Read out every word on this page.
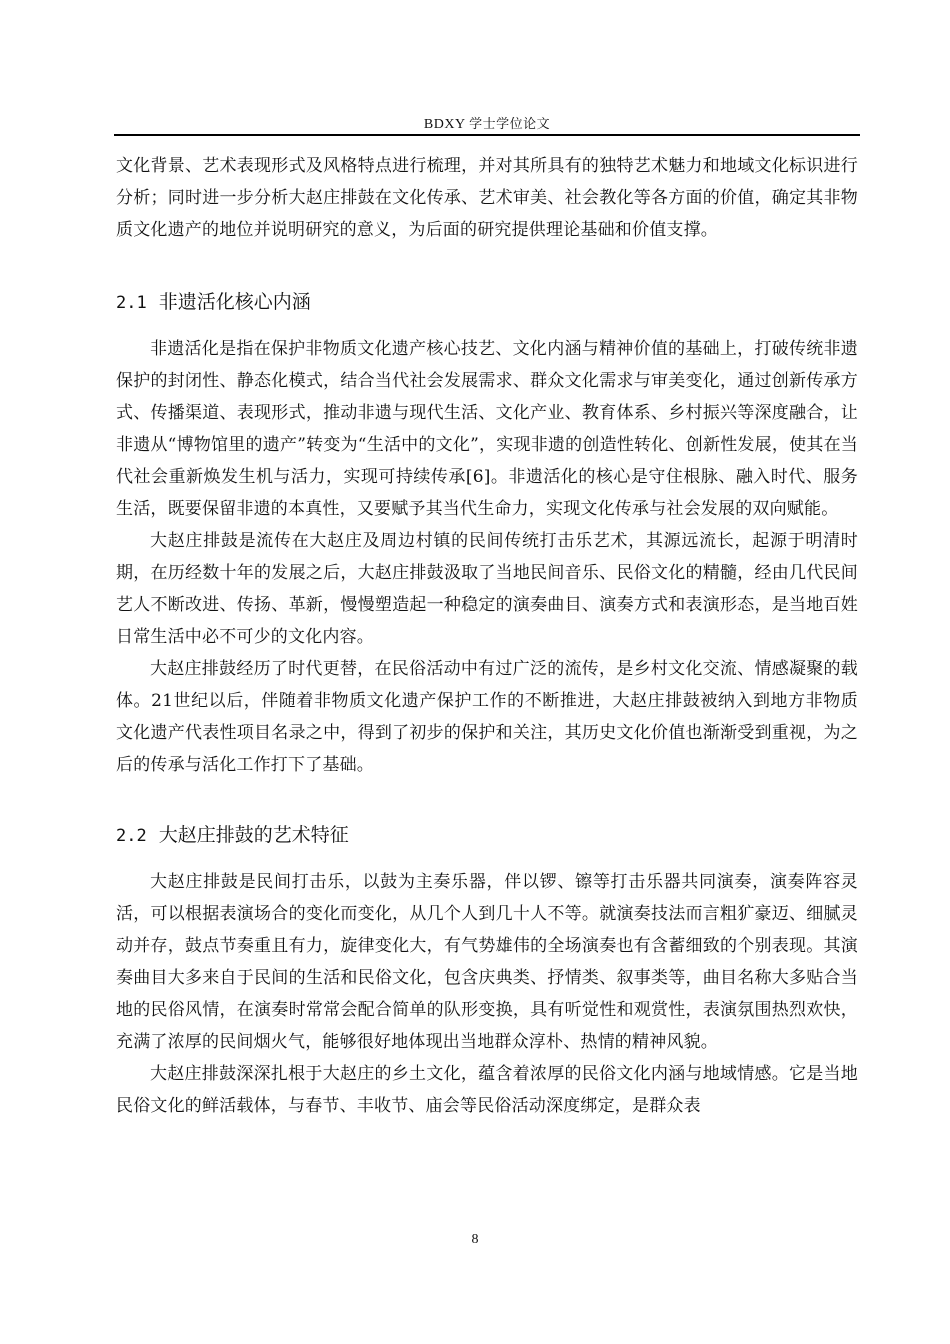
BDXY 学士学位论文

文化背景、艺术表现形式及风格特点进行梳理，并对其所具有的独特艺术魅力和地域文化标识进行分析；同时进一步分析大赵庄排鼓在文化传承、艺术审美、社会教化等各方面的价值，确定其非物质文化遗产的地位并说明研究的意义，为后面的研究提供理论基础和价值支撑。

2.1 非遗活化核心内涵

非遗活化是指在保护非物质文化遗产核心技艺、文化内涵与精神价值的基础上，打破传统非遗保护的封闭性、静态化模式，结合当代社会发展需求、群众文化需求与审美变化，通过创新传承方式、传播渠道、表现形式，推动非遗与现代生活、文化产业、教育体系、乡村振兴等深度融合，让非遗从“博物馆里的遗产”转变为“生活中的文化”，实现非遗的创造性转化、创新性发展，使其在当代社会重新焕发生机与活力，实现可持续传承[6]。非遗活化的核心是守住根脉、融入时代、服务生活，既要保留非遗的本真性，又要赋予其当代生命力，实现文化传承与社会发展的双向赋能。

大赵庄排鼓是流传在大赵庄及周边村镇的民间传统打击乐艺术，其源远流长，起源于明清时期，在历经数十年的发展之后，大赵庄排鼓汲取了当地民间音乐、民俗文化的精髓，经由几代民间艺人不断改进、传扬、革新，慢慢塑造起一种稳定的演奏曲目、演奏方式和表演形态，是当地百姓日常生活中必不可少的文化内容。

大赵庄排鼓经历了时代更替，在民俗活动中有过广泛的流传，是乡村文化交流、情感凝聚的载体。21世纪以后，伴随着非物质文化遗产保护工作的不断推进，大赵庄排鼓被纳入到地方非物质文化遗产代表性项目名录之中，得到了初步的保护和关注，其历史文化价值也渐渐受到重视，为之后的传承与活化工作打下了基础。

2.2 大赵庄排鼓的艺术特征

大赵庄排鼓是民间打击乐，以鼓为主奏乐器，伴以锣、镲等打击乐器共同演奏，演奏阵容灵活，可以根据表演场合的变化而变化，从几个人到几十人不等。就演奏技法而言粗犷豪迈、细腻灵动并存，鼓点节奏重且有力，旋律变化大，有气势雄伟的全场演奏也有含蓄细致的个别表现。其演奏曲目大多来自于民间的生活和民俗文化，包含庆典类、抒情类、叙事类等，曲目名称大多贴合当地的民俗风情，在演奏时常常会配合简单的队形变换，具有听觉性和观赏性，表演氛围热烈欢快，充满了浓厚的民间烟火气，能够很好地体现出当地群众淳朴、热情的精神风貌。

大赵庄排鼓深深扎根于大赵庄的乡土文化，蕴含着浓厚的民俗文化内涵与地域情感。它是当地民俗文化的鲜活载体，与春节、丰收节、庙会等民俗活动深度绑定，是群众表

8
